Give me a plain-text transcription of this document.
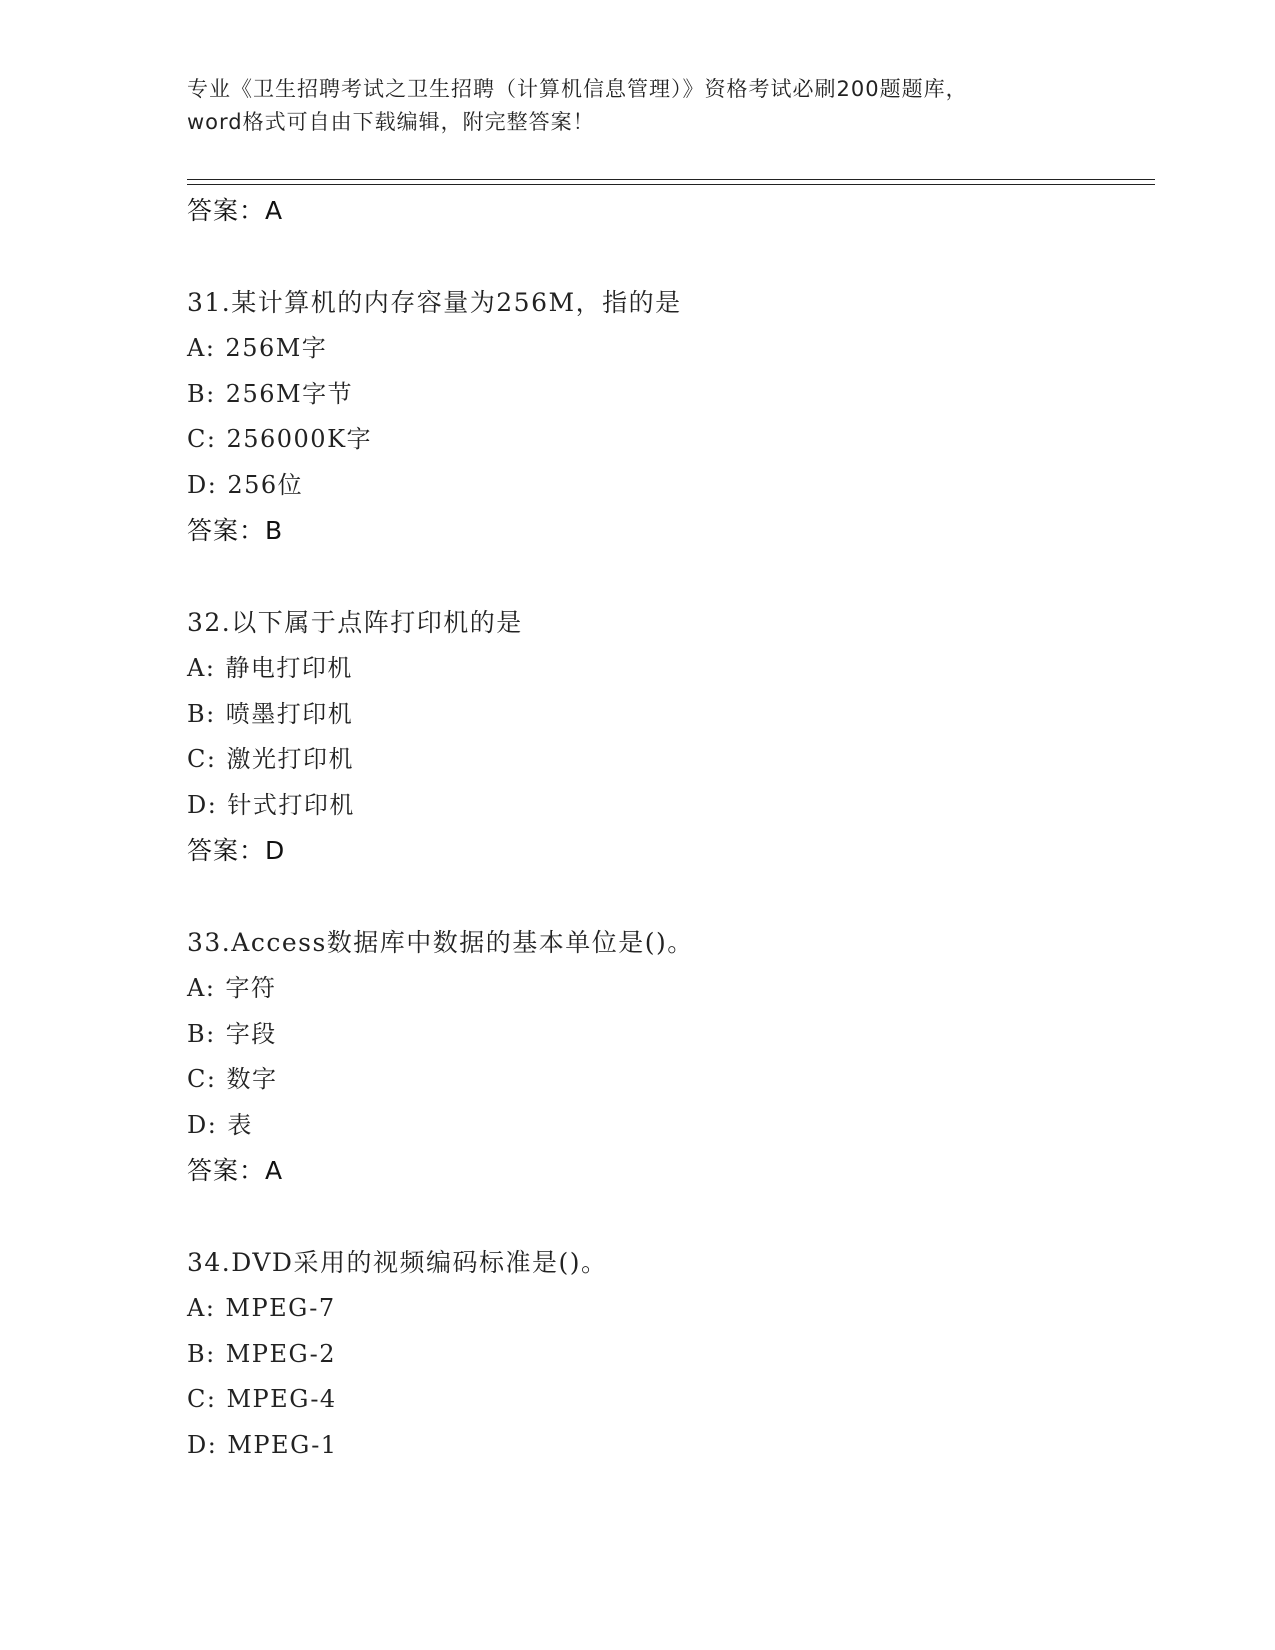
专业《卫生招聘考试之卫生招聘（计算机信息管理）》资格考试必刷200题题库，
word格式可自由下载编辑，附完整答案！
答案：A
31.某计算机的内存容量为256M，指的是
A: 256M字
B: 256M字节
C: 256000K字
D: 256位
答案：B
32.以下属于点阵打印机的是
A: 静电打印机
B: 喷墨打印机
C: 激光打印机
D: 针式打印机
答案：D
33.Access数据库中数据的基本单位是()。
A: 字符
B: 字段
C: 数字
D: 表
答案：A
34.DVD采用的视频编码标准是()。
A: MPEG-7
B: MPEG-2
C: MPEG-4
D: MPEG-1
